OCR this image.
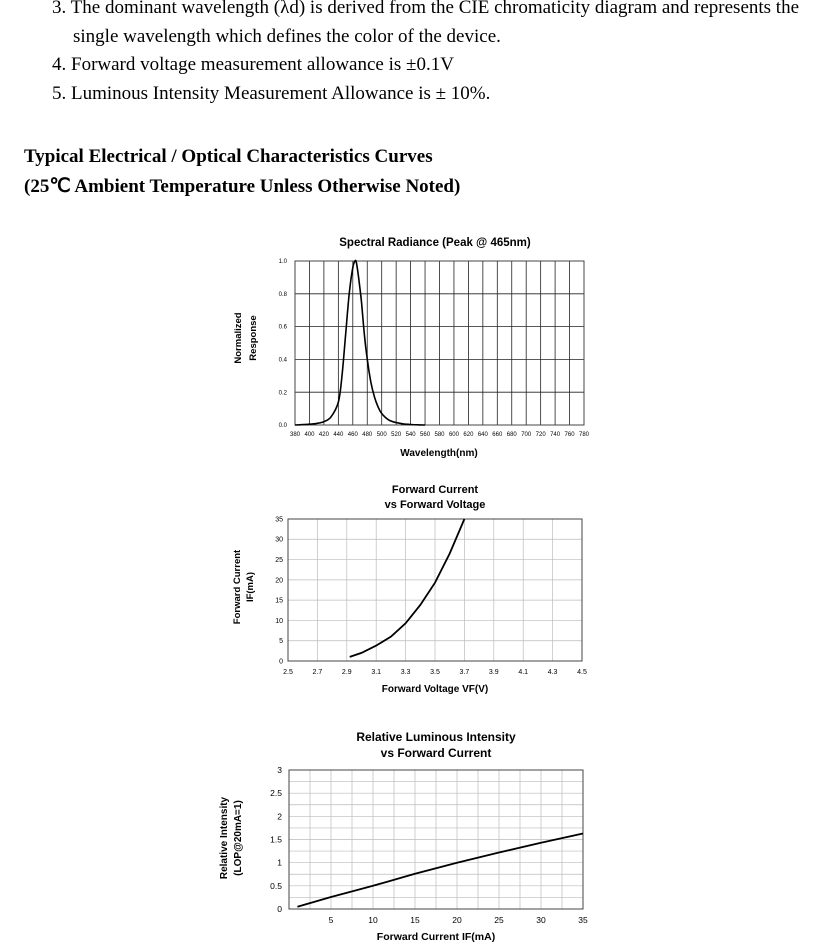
3. The dominant wavelength (λd) is derived from the CIE chromaticity diagram and represents the
single wavelength which defines the color of the device.
4. Forward voltage measurement allowance is ±0.1V
5. Luminous Intensity Measurement Allowance is ± 10%.
Typical Electrical / Optical Characteristics Curves
(25℃ Ambient Temperature Unless Otherwise Noted)
380 400 420 440 460 480 500 520 540 560 580 600 620 640 660 680 700 720 740 760 780
0.0
0.2
0.4
0.6
0.8
1.0
Spectral Radiance (Peak @ 465nm)
Wavelength(nm)
Normalized Response
2.5	2.7	2.9	3.1	3.3	3.5	3.7	3.9	4.1	4.3	4.5
0
5
10
15
20
25
30
35
Forward Current
vs Forward Voltage
Forward Voltage VF(V)
Forward Current IF(mA)
5	10	15	20	25	30	35
0
0.5
1
1.5
2
2.5
3
Relative Luminous Intensity
vs Forward Current
Forward Current IF(mA)
Relative Intensity (LOP@20mA=1)
